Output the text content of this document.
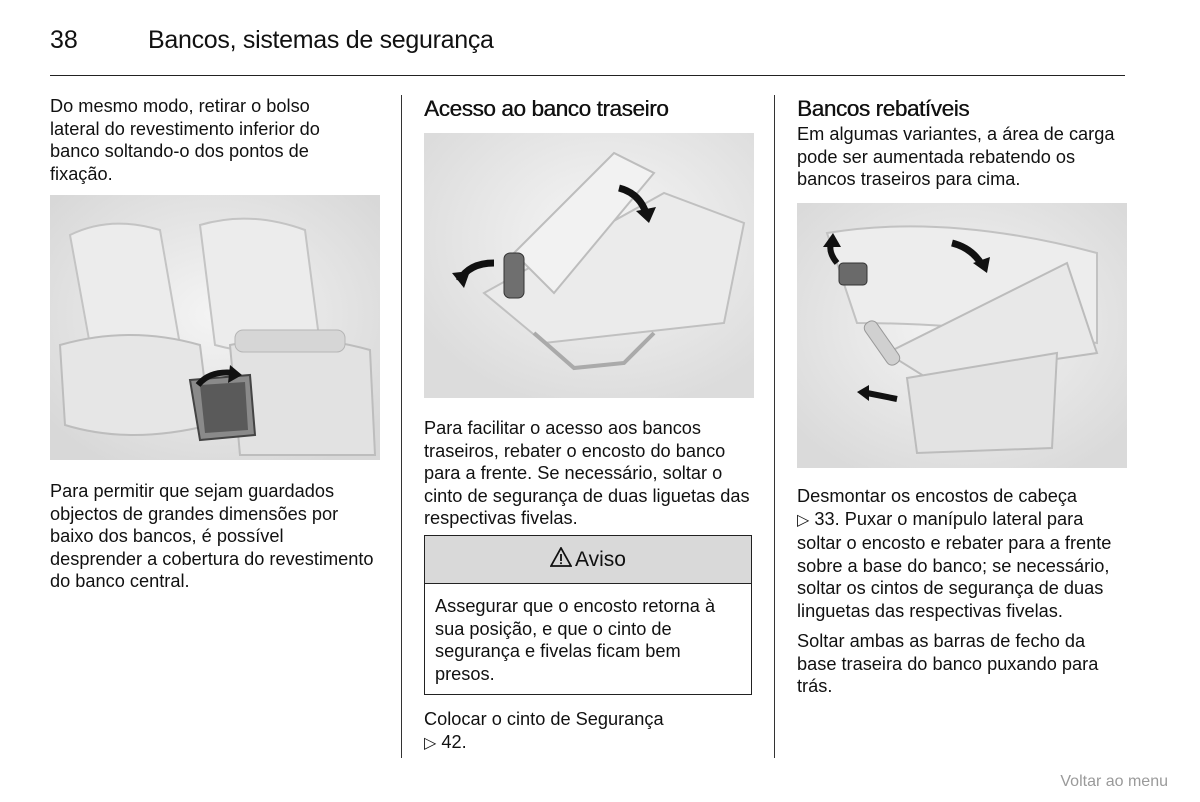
38	Bancos, sistemas de segurança

Do mesmo modo, retirar o bolso lateral do revestimento inferior do banco soltando-o dos pontos de fixação.

Para permitir que sejam guardados objectos de grandes dimensões por baixo dos bancos, é possível desprender a cobertura do revestimento do banco central.

Acesso ao banco traseiro

Para facilitar o acesso aos bancos traseiros, rebater o encosto do banco para a frente. Se necessário, soltar o cinto de segurança de duas liguetas das respectivas fivelas.

Aviso

Assegurar que o encosto retorna à sua posição, e que o cinto de segurança e fivelas ficam bem presos.

Colocar o cinto de Segurança

▷ 42.

Bancos rebatíveis

Em algumas variantes, a área de carga pode ser aumentada rebatendo os bancos traseiros para cima.

Desmontar os encostos de cabeça
▷ 33. Puxar o manípulo lateral para soltar o encosto e rebater para a frente sobre a base do banco; se necessário, soltar os cintos de segurança de duas linguetas das respectivas fivelas.

Soltar ambas as barras de fecho da base traseira do banco puxando para trás.

Voltar ao menu
